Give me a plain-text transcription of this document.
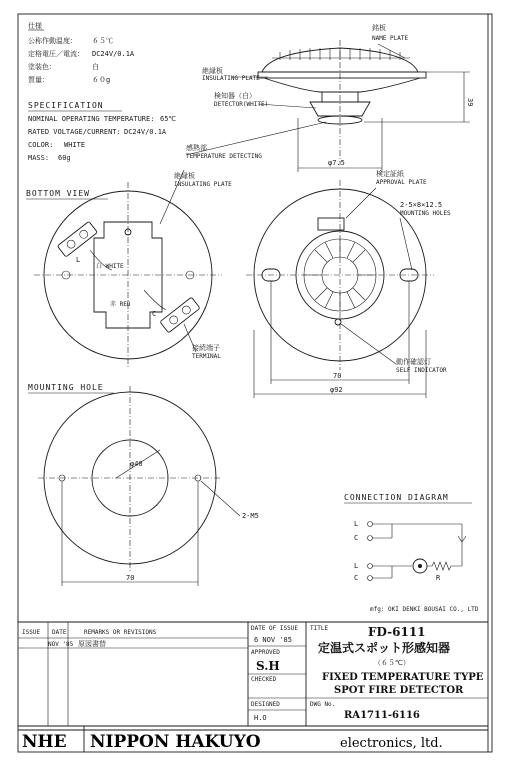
仕様
公称作動温度： ６５℃
定格電圧／電流： DC24V/0.1A
塗装色：	白
質量：	６０g
SPECIFICATION
NOMINAL OPERATING TEMPERATURE: 65℃
RATED VOLTAGE/CURRENT: DC24V/0.1A
COLOR: WHITE
MASS: 60g
39
φ7.5
銘板
NAME PLATE
絶縁板
INSULATING PLATE
検知器（白）
DETECTOR(WHITE)
感熱部
TEMPERATURE DETECTING
BOTTOM VIEW
絶縁板
INSULATING PLATE
白 WHITE
赤 RED
L
C
接続端子
TERMINAL
検定証紙
APPROVAL PLATE
2-5×8×12.5
MOUNTING HOLES
動作確認灯
SELF INDICATOR
70
φ92
MOUNTING HOLE
φ40
2-M5
70
CONNECTION DIAGRAM
L
C
L
C	R
mfg: OKI DENKI BOUSAI CO., LTD
ISSUE DATE	REMARKS OR REVISIONS
NOV '85 原図書替
DATE OF ISSUE
6 NOV '85
APPROVED
S.H
CHECKED
DESIGNED
H.O
TITLE	FD-6111
定温式スポット形感知器
（６５℃）
FIXED TEMPERATURE TYPE
SPOT FIRE DETECTOR
DWG No.
RA1711-6116
NHE NIPPON HAKUYO	electronics, ltd.
